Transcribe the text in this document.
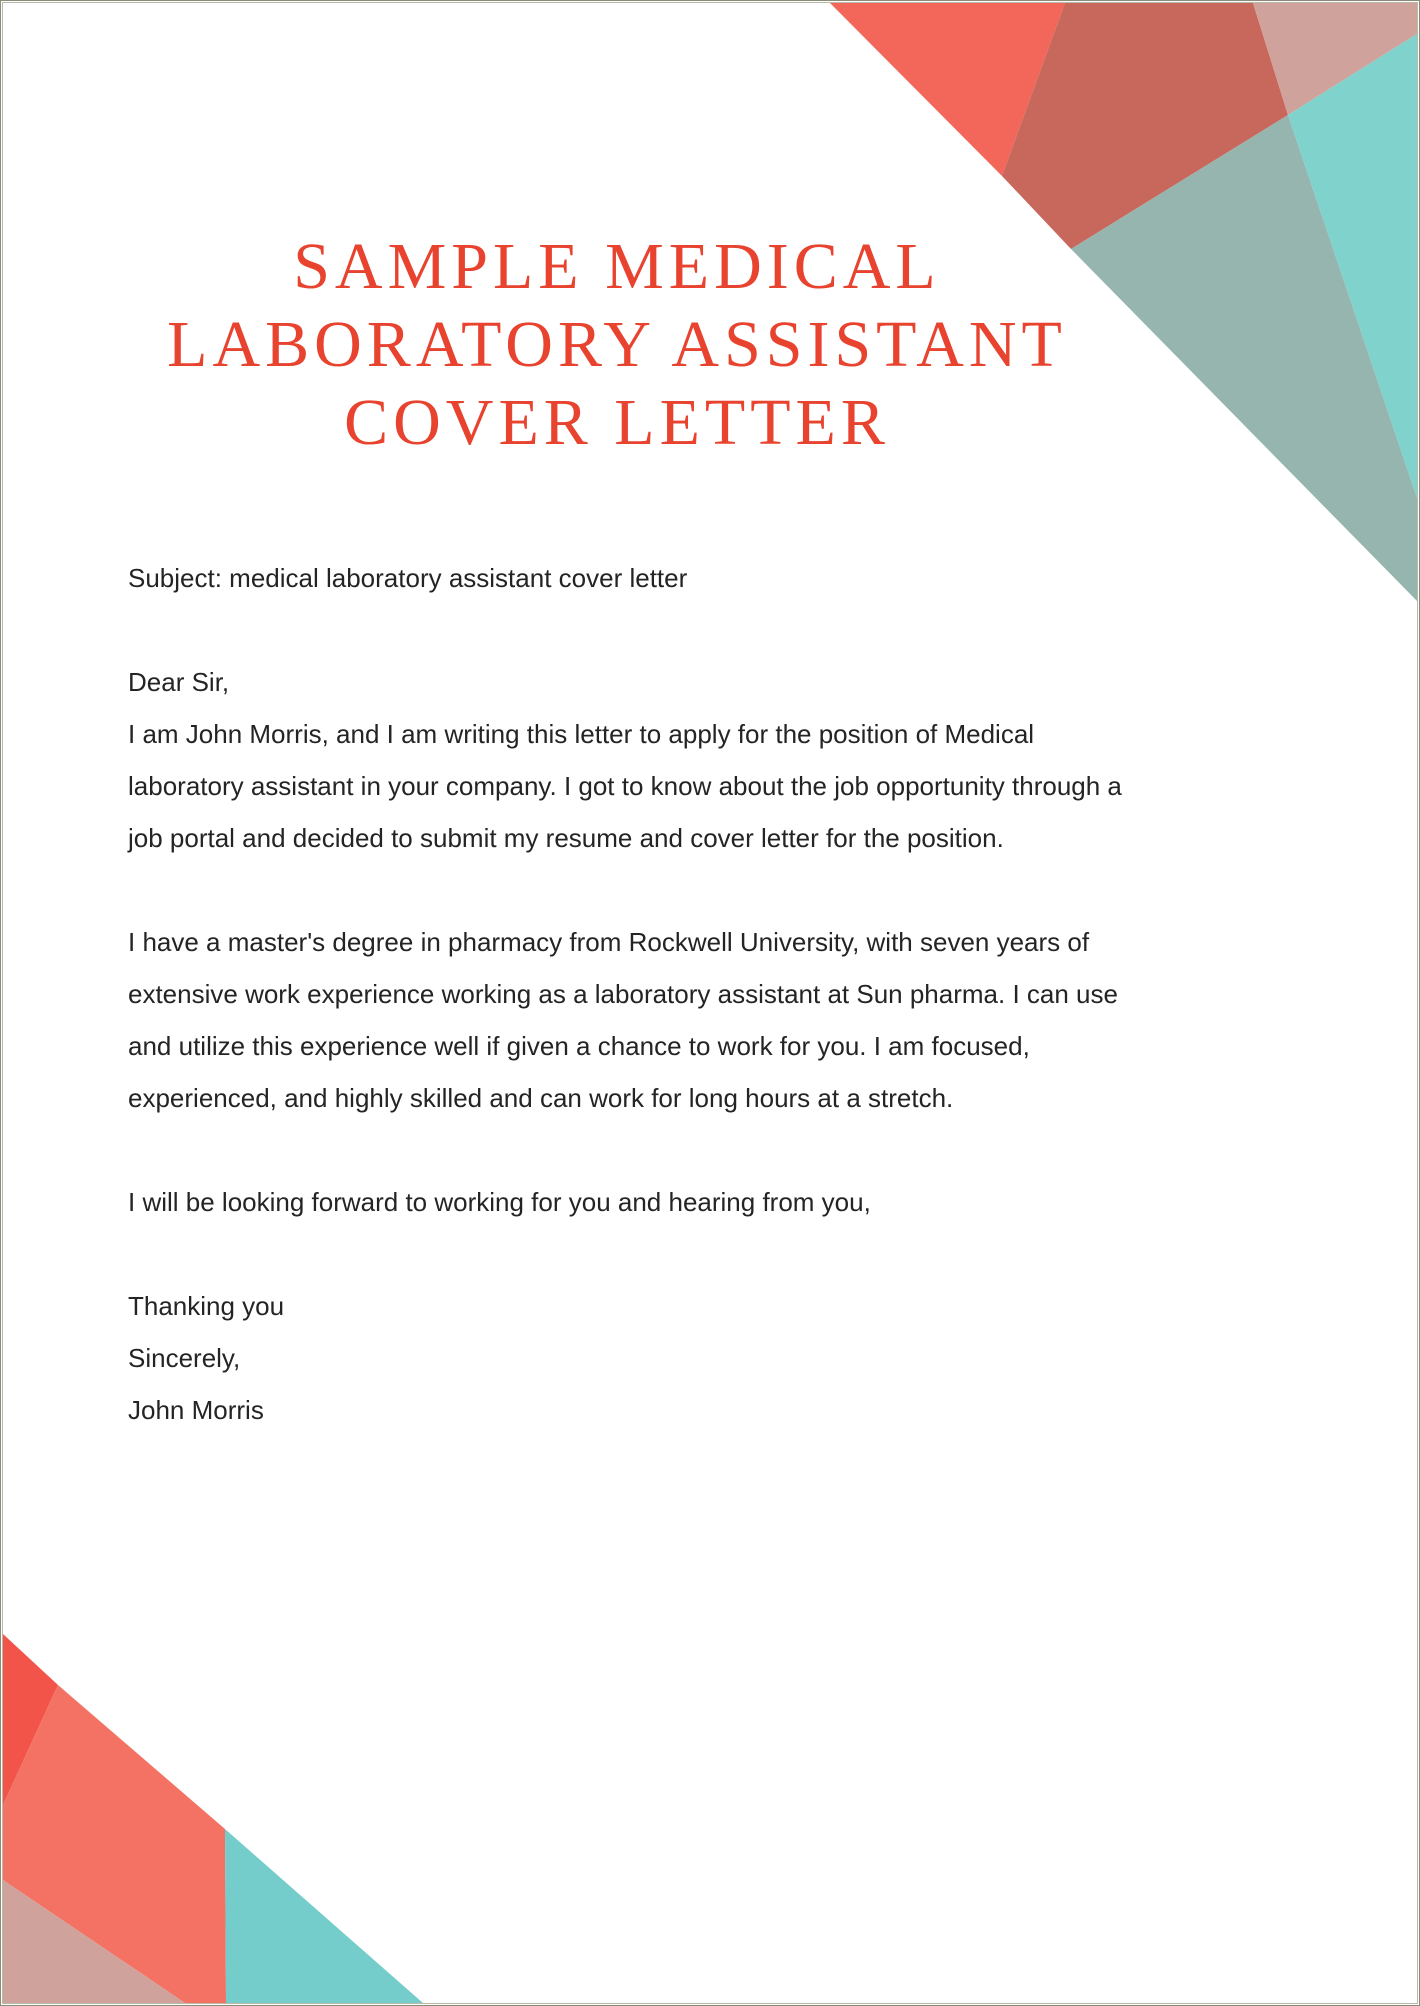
SAMPLE MEDICAL
LABORATORY ASSISTANT
COVER LETTER

Subject: medical laboratory assistant cover letter

Dear Sir,

I am John Morris, and I am writing this letter to apply for the position of Medical

laboratory assistant in your company. I got to know about the job opportunity through a

job portal and decided to submit my resume and cover letter for the position.

I have a master's degree in pharmacy from Rockwell University, with seven years of

extensive work experience working as a laboratory assistant at Sun pharma. I can use

and utilize this experience well if given a chance to work for you. I am focused,

experienced, and highly skilled and can work for long hours at a stretch.

I will be looking forward to working for you and hearing from you,

Thanking you

Sincerely,

John Morris
